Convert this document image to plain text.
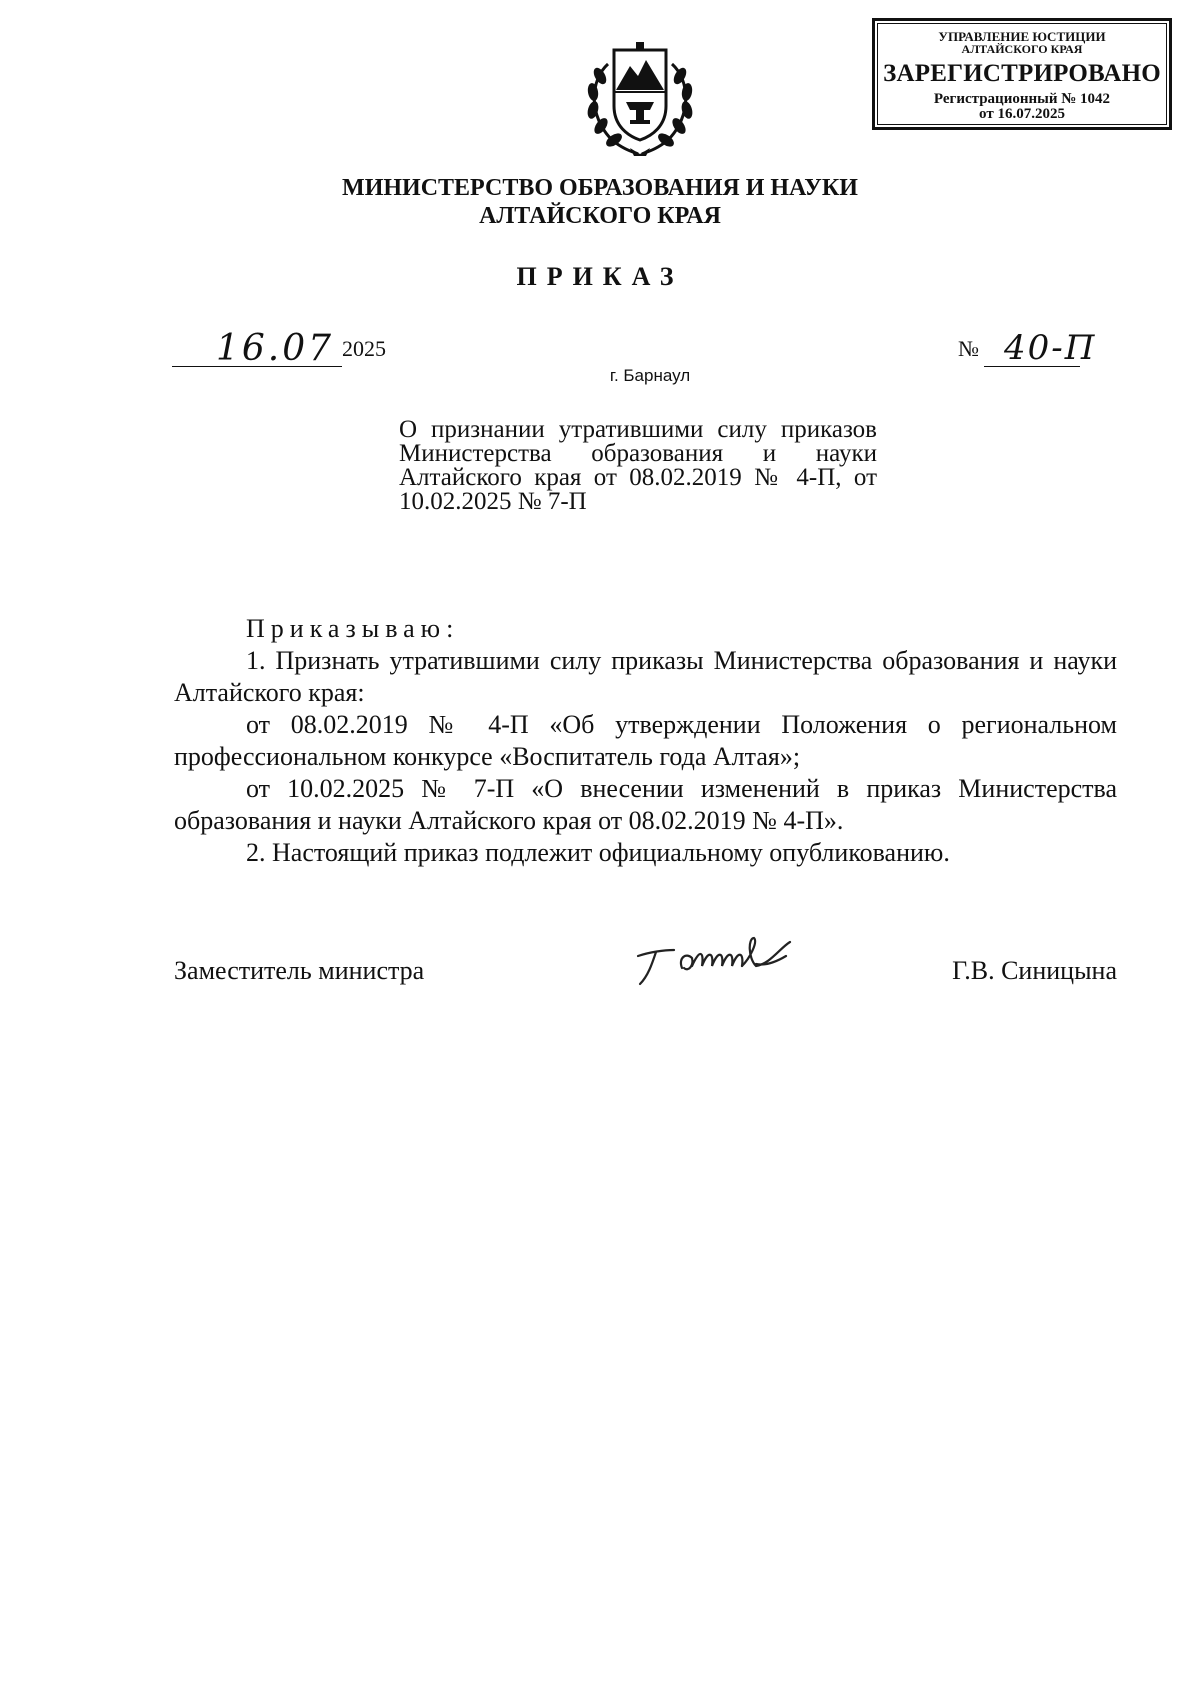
УПРАВЛЕНИЕ ЮСТИЦИИ
АЛТАЙСКОГО КРАЯ
ЗАРЕГИСТРИРОВАНО
Регистрационный № 1042
от 16.07.2025
МИНИСТЕРСТВО ОБРАЗОВАНИЯ И НАУКИ
АЛТАЙСКОГО КРАЯ
ПРИКАЗ
16.07 2025	№ 40-П
г. Барнаул
О признании утратившими силу приказов Министерства образования и науки Алтайского края от 08.02.2019 № 4-П, от 10.02.2025 № 7-П

Приказываю:

1. Признать утратившими силу приказы Министерства образования и науки Алтайского края:

от 08.02.2019 № 4-П «Об утверждении Положения о региональном профессиональном конкурсе «Воспитатель года Алтая»;

от 10.02.2025 № 7-П «О внесении изменений в приказ Министерства образования и науки Алтайского края от 08.02.2019 № 4-П».

2. Настоящий приказ подлежит официальному опубликованию.

Заместитель министра	Г.В. Синицына
